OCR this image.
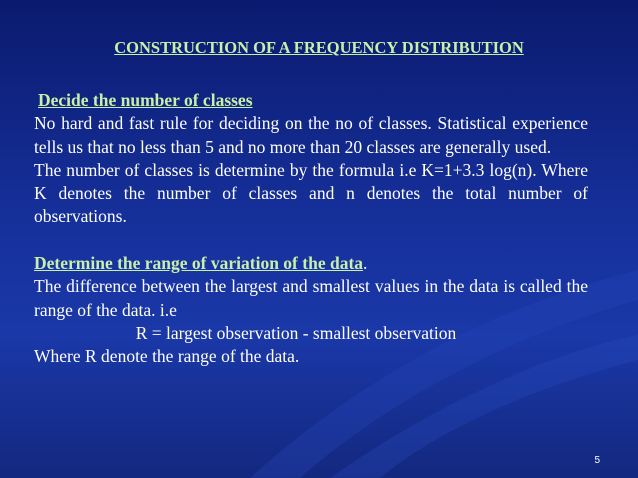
CONSTRUCTION OF A FREQUENCY DISTRIBUTION
Decide the number of classes

No hard and fast rule for deciding on the no of classes. Statistical experience tells us that no less than 5 and no more than 20 classes are generally used.

The number of classes is determine by the formula i.e K=1+3.3 log(n). Where K denotes the number of classes and n denotes the total number of observations.

Determine the range of variation of the data.

The difference between the largest and smallest values in the data is called the range of the data. i.e

R = largest observation - smallest observation

Where R denote the range of the data.

5
